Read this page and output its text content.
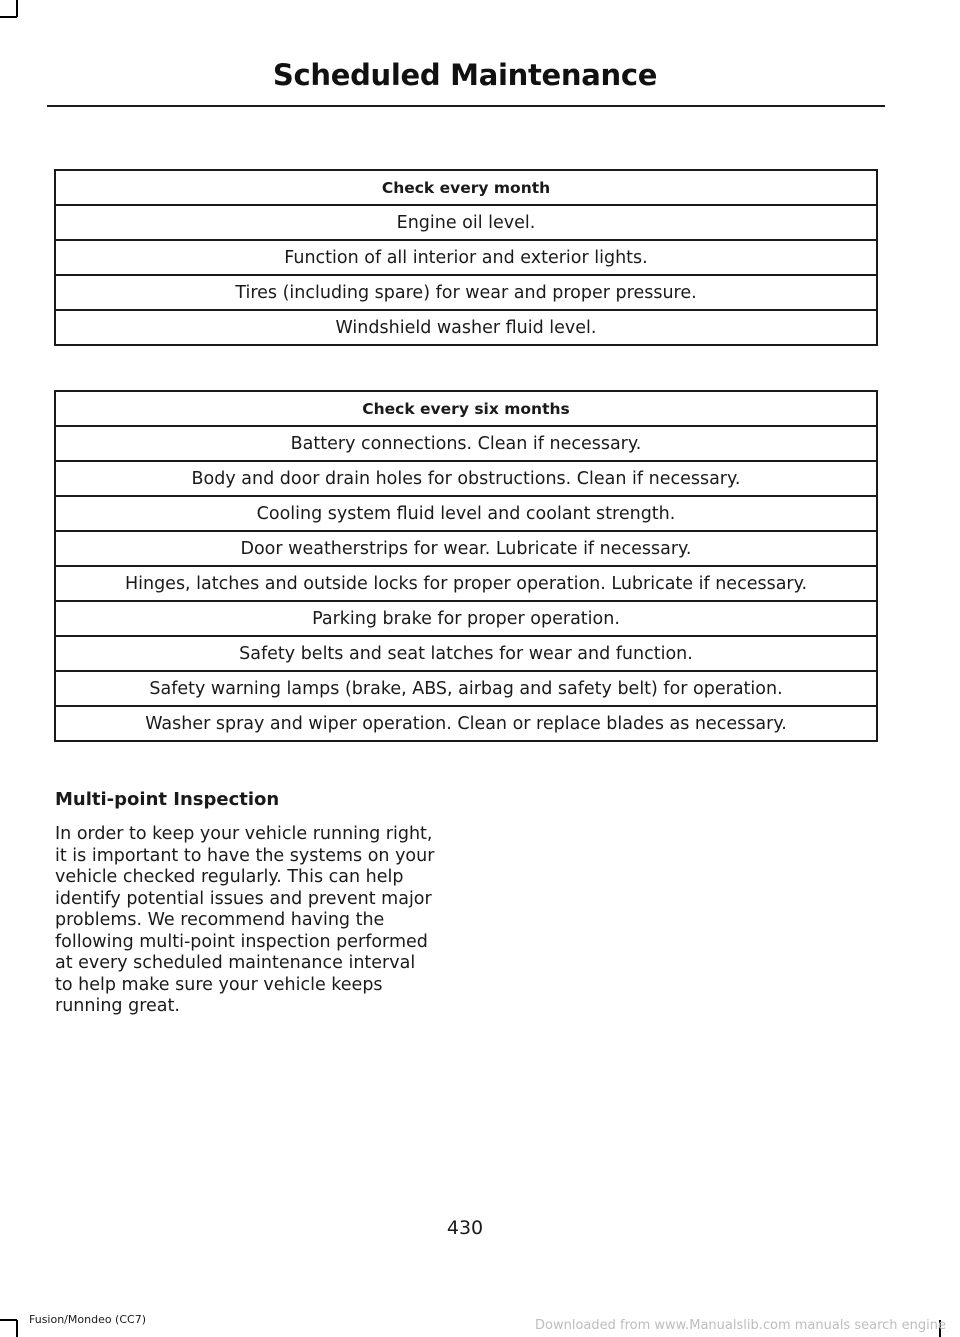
Scheduled Maintenance
Check every month
Engine oil level.
Function of all interior and exterior lights.
Tires (including spare) for wear and proper pressure.
Windshield washer fluid level.
Check every six months
Battery connections. Clean if necessary.
Body and door drain holes for obstructions. Clean if necessary.
Cooling system fluid level and coolant strength.
Door weatherstrips for wear. Lubricate if necessary.
Hinges, latches and outside locks for proper operation. Lubricate if necessary.
Parking brake for proper operation.
Safety belts and seat latches for wear and function.
Safety warning lamps (brake, ABS, airbag and safety belt) for operation.
Washer spray and wiper operation. Clean or replace blades as necessary.
Multi-point Inspection
In order to keep your vehicle running right,
it is important to have the systems on your
vehicle checked regularly. This can help
identify potential issues and prevent major
problems. We recommend having the
following multi-point inspection performed
at every scheduled maintenance interval
to help make sure your vehicle keeps
running great.
430
Fusion/Mondeo (CC7)	Downloaded from www.Manualslib.com manuals search engine
